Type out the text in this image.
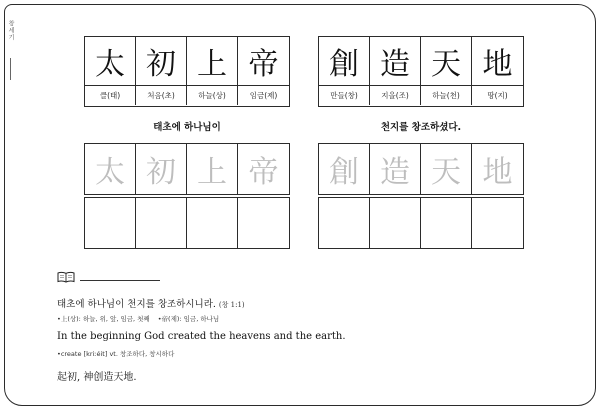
창세기
太 初 上 帝
클(태)	처음(초)	하늘(상)	임금(제)
태초에 하나님이
太 初 上 帝
創 造 天 地
만들(창)	지을(조)	하늘(천)	땅(지)
천지를 창조하셨다.
創 造 天 地
태초에 하나님이 천지를 창조하시니라. (창 1:1)
•上(상): 하늘, 위, 앞, 임금, 첫째 •帝(제): 임금, 하나님
In the beginning God created the heavens and the earth.
•create [kriːéit] vt. 창조하다, 창시하다
起初, 神创造天地.
